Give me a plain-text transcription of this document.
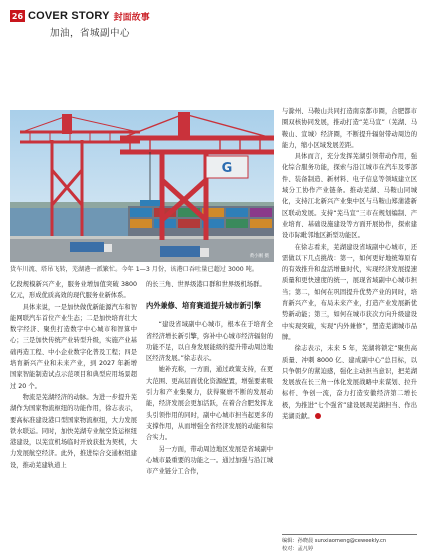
26 COVER STORY 封面故事
加油，省城副中心
G
黄小刚 摄
货车川流、塔吊飞转，芜湖港一派繁忙。今年 1—3 月份，该港口吞吐量已超过 3000 吨。

亿段规模新兴产业，服务业增加值突破 3800 亿元，形成优质高效的现代服务业新体系。

具体来说，一是加快做优新能源汽车和智能网联汽车首位产业生态；二是加快培育壮大数字经济、聚焦打造数字中心城市和智算中心；三是加快传统产业转型升级，实施产业基础再造工程、中小企业数字化普及工程；四是培育新兴产业和未来产业，到 2027 年新增国家智能制造试点示范项目和典型应用场景超过 20 个。

物流是芜湖经济的动脉。为进一步提升芜湖作为国家物流枢纽的功能作用，徐志表示，要高标准建设港口型国家物流枢纽，大力发展铁水联运。同时，加快芜湖专业航空货运枢纽港建设，以芜宣机场临时开放获批为契机，大力发展航空经济。此外，推进综合交通枢纽建设，推动芜建轨道上

的长三角、世界级港口群和世界级机场群。

内外兼修、培育赛道提升城市新引擎

“建设省域副中心城市，根本在于培育全省经济增长新引擎，弥补中心城市经济辐射的功能不足，以自身发展能级的提升带动周边地区经济发展。”徐志表示。

她补充称，一方面，通过政策支持，在更大范围、更高层面优化资源配置，增强要素吸引力和产业集聚力，获得聚磨不断的发展动能，经济发展会更加活跃，在着合合肥发挥龙头引领作用的同时，副中心城市担当起更多的支撑作用，从而增强全省经济发展的动能和综合实力。

另一方面，带动周边地区发展是省域副中心城市最重要的功能之一。通过加强与沿江城市产业链分工合作，

与滁州、马鞍山共同打造南京都市圈，合肥都市圈双核协同发展，推动打造“芜马宣”（芜湖、马鞍山、宣城）经济圈，不断提升辐射带动周边的能力，缩小区域发展差距。

具体而言，充分发挥芜湖引领带动作用，强化综合服务功能，探索与沿江城市在汽车及零部件、装备制造、新材料、电子信息等领域建立区域分工协作产业链条。推动芜湖、马鞍山同城化，支持江北新兴产业集中区与马鞍山郑蒲港新区联动发展。支持“芜马宣”三市在规划编制、产业培育、基础设施建设等方面开展协作，探索建设市际毗邻地区新型功能区。

在徐志看来，芜湖建设省域副中心城市，还需做以下几点挑战：第一，如何更好地统筹原有的有效推升和盘活增量时代，实现经济发展提速质量和更快速度的统一，展现省域副中心城市担当；第二，如何在巩固提升优势产业的同时，培育新兴产业，布局未来产业，打造产业发展新优势新动能；第三，如何在城市获次方向升级建设中实现突破，实现“内外兼修”，塑造芜湖城市品牌。

徐志表示，未来 5 年，芜湖将锁定“聚焦高质量、冲刺 8000 亿、建成副中心”总目标，以只争朝夕的紧迫感，强化主动担当意识，把芜湖发展放在长三角一体化发展战略中来谋划、拉升标杆、争创一流，奋力打造安徽经济第二增长极，为推进“七个强省”建设展现芜湖担当、作出芜湖贡献。

编辑：孙晓晨 sunxiaomeng@ceweekly.cn
校对：孟凡婷
